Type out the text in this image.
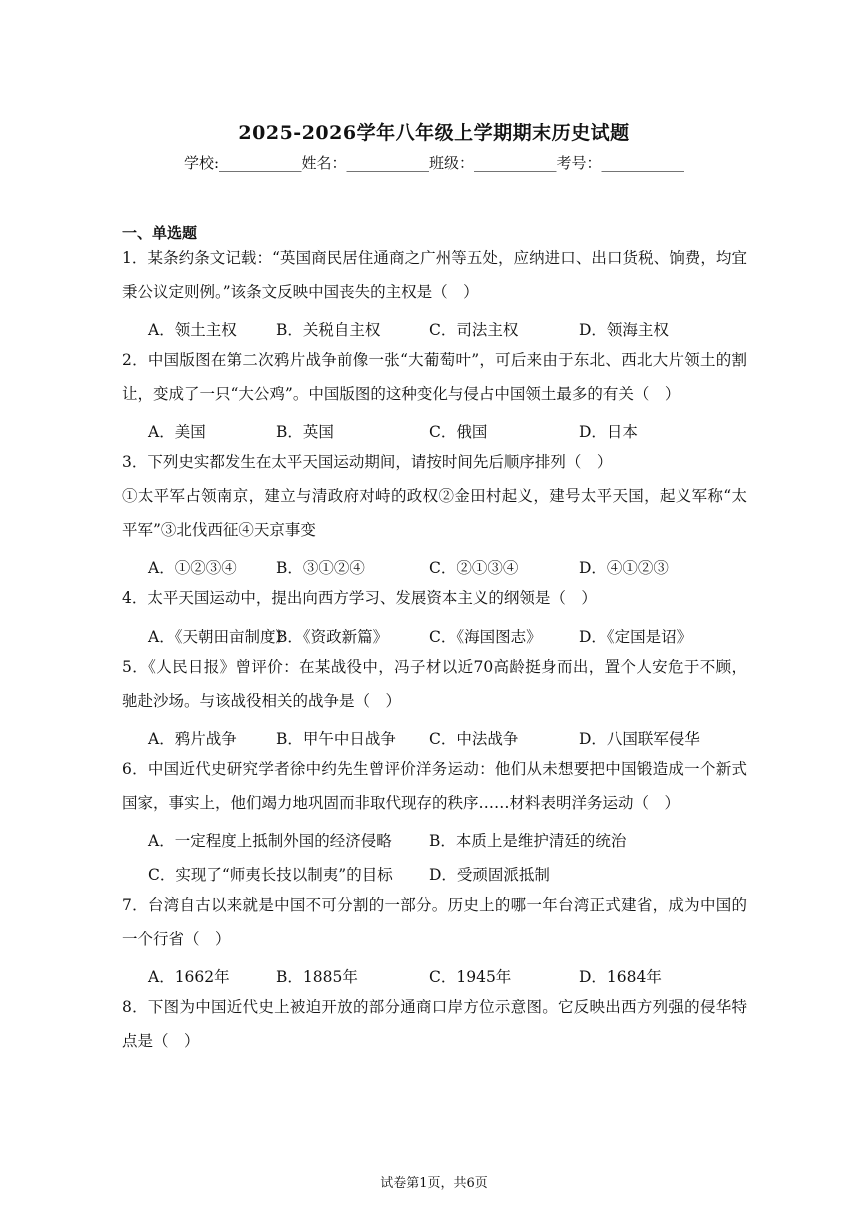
2025-2026学年八年级上学期期末历史试题
学校:___________姓名：___________班级：___________考号：___________
一、单选题
1．某条约条文记载：“英国商民居住通商之广州等五处，应纳进口、出口货税、饷费，均宜秉公议定则例。”该条文反映中国丧失的主权是（　）
A．领土主权	B．关税自主权	C．司法主权	D．领海主权
2．中国版图在第二次鸦片战争前像一张“大葡萄叶”，可后来由于东北、西北大片领土的割让，变成了一只“大公鸡”。中国版图的这种变化与侵占中国领土最多的有关（　）
A．美国	B．英国	C．俄国	D．日本
3．下列史实都发生在太平天国运动期间，请按时间先后顺序排列（　）
①太平军占领南京，建立与清政府对峙的政权②金田村起义，建号太平天国，起义军称“太平军”③北伐西征④天京事变
A．①②③④	B．③①②④	C．②①③④	D．④①②③
4．太平天国运动中，提出向西方学习、发展资本主义的纲领是（　）
A．《天朝田亩制度》
B．《资政新篇》	C．《海国图志》	D．《定国是诏》
5．《人民日报》曾评价：在某战役中，冯子材以近70高龄挺身而出，置个人安危于不顾，驰赴沙场。与该战役相关的战争是（　）
A．鸦片战争	B．甲午中日战争	C．中法战争	D．八国联军侵华
6．中国近代史研究学者徐中约先生曾评价洋务运动：他们从未想要把中国锻造成一个新式国家，事实上，他们竭力地巩固而非取代现存的秩序……材料表明洋务运动（　）
A．一定程度上抵制外国的经济侵略	B．本质上是维护清廷的统治
C．实现了“师夷长技以制夷”的目标	D．受顽固派抵制
7．台湾自古以来就是中国不可分割的一部分。历史上的哪一年台湾正式建省，成为中国的一个行省（　）
A．1662年	B．1885年	C．1945年	D．1684年
8．下图为中国近代史上被迫开放的部分通商口岸方位示意图。它反映出西方列强的侵华特点是（　）
试卷第1页，共6页
